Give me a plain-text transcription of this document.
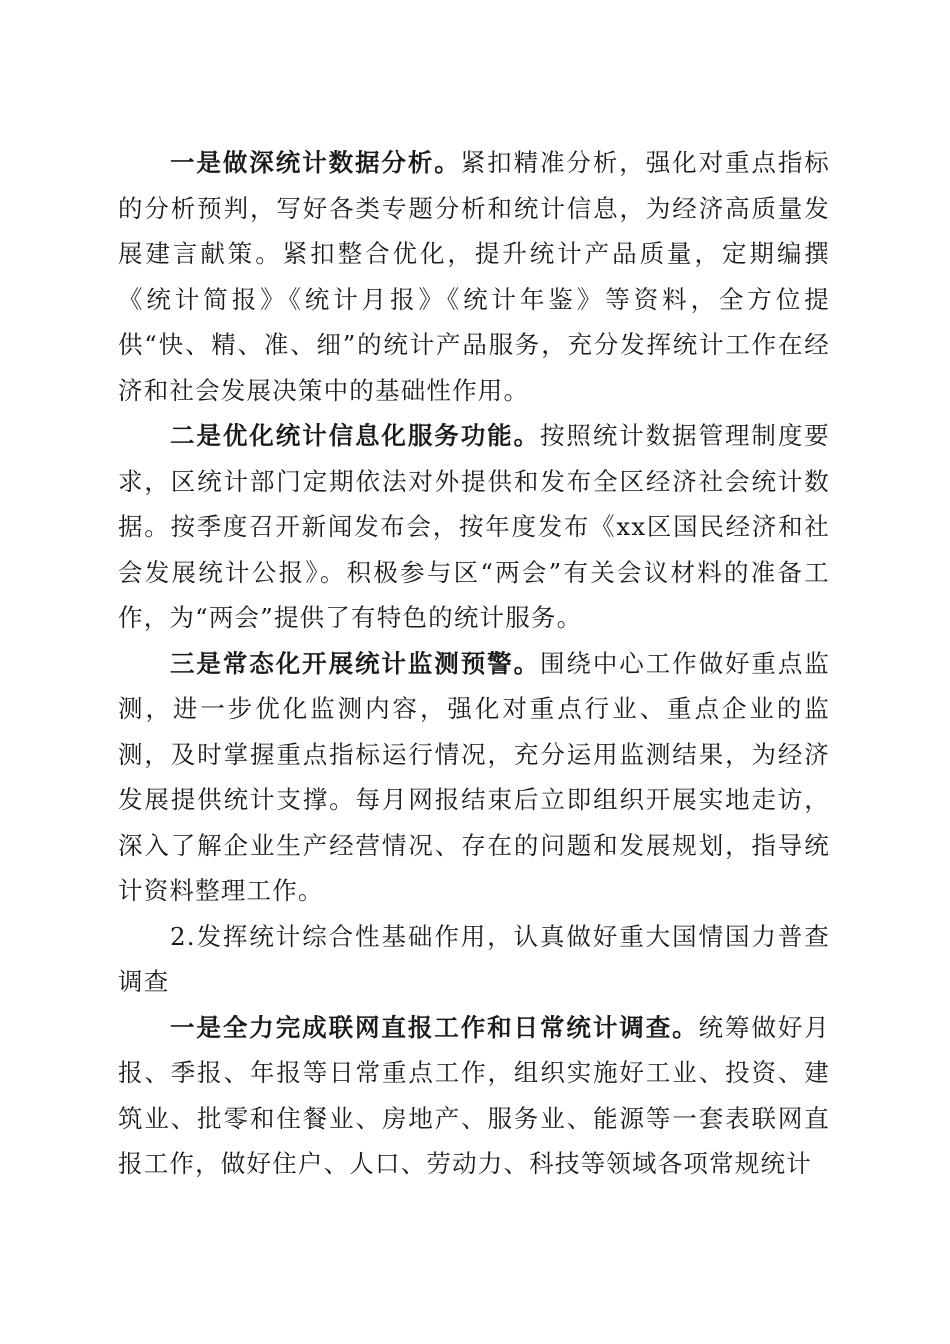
一是做深统计数据分析。紧扣精准分析，强化对重点指标的分析预判，写好各类专题分析和统计信息，为经济高质量发展建言献策。紧扣整合优化，提升统计产品质量，定期编撰《统计简报》《统计月报》《统计年鉴》等资料，全方位提供“快、精、准、细”的统计产品服务，充分发挥统计工作在经济和社会发展决策中的基础性作用。

二是优化统计信息化服务功能。按照统计数据管理制度要求，区统计部门定期依法对外提供和发布全区经济社会统计数据。按季度召开新闻发布会，按年度发布《xx区国民经济和社会发展统计公报》。积极参与区“两会”有关会议材料的准备工作，为“两会”提供了有特色的统计服务。

三是常态化开展统计监测预警。围绕中心工作做好重点监测，进一步优化监测内容，强化对重点行业、重点企业的监测，及时掌握重点指标运行情况，充分运用监测结果，为经济发展提供统计支撑。每月网报结束后立即组织开展实地走访，深入了解企业生产经营情况、存在的问题和发展规划，指导统计资料整理工作。

2.发挥统计综合性基础作用，认真做好重大国情国力普查调查

一是全力完成联网直报工作和日常统计调查。统筹做好月报、季报、年报等日常重点工作，组织实施好工业、投资、建筑业、批零和住餐业、房地产、服务业、能源等一套表联网直报工作，做好住户、人口、劳动力、科技等领域各项常规统计
